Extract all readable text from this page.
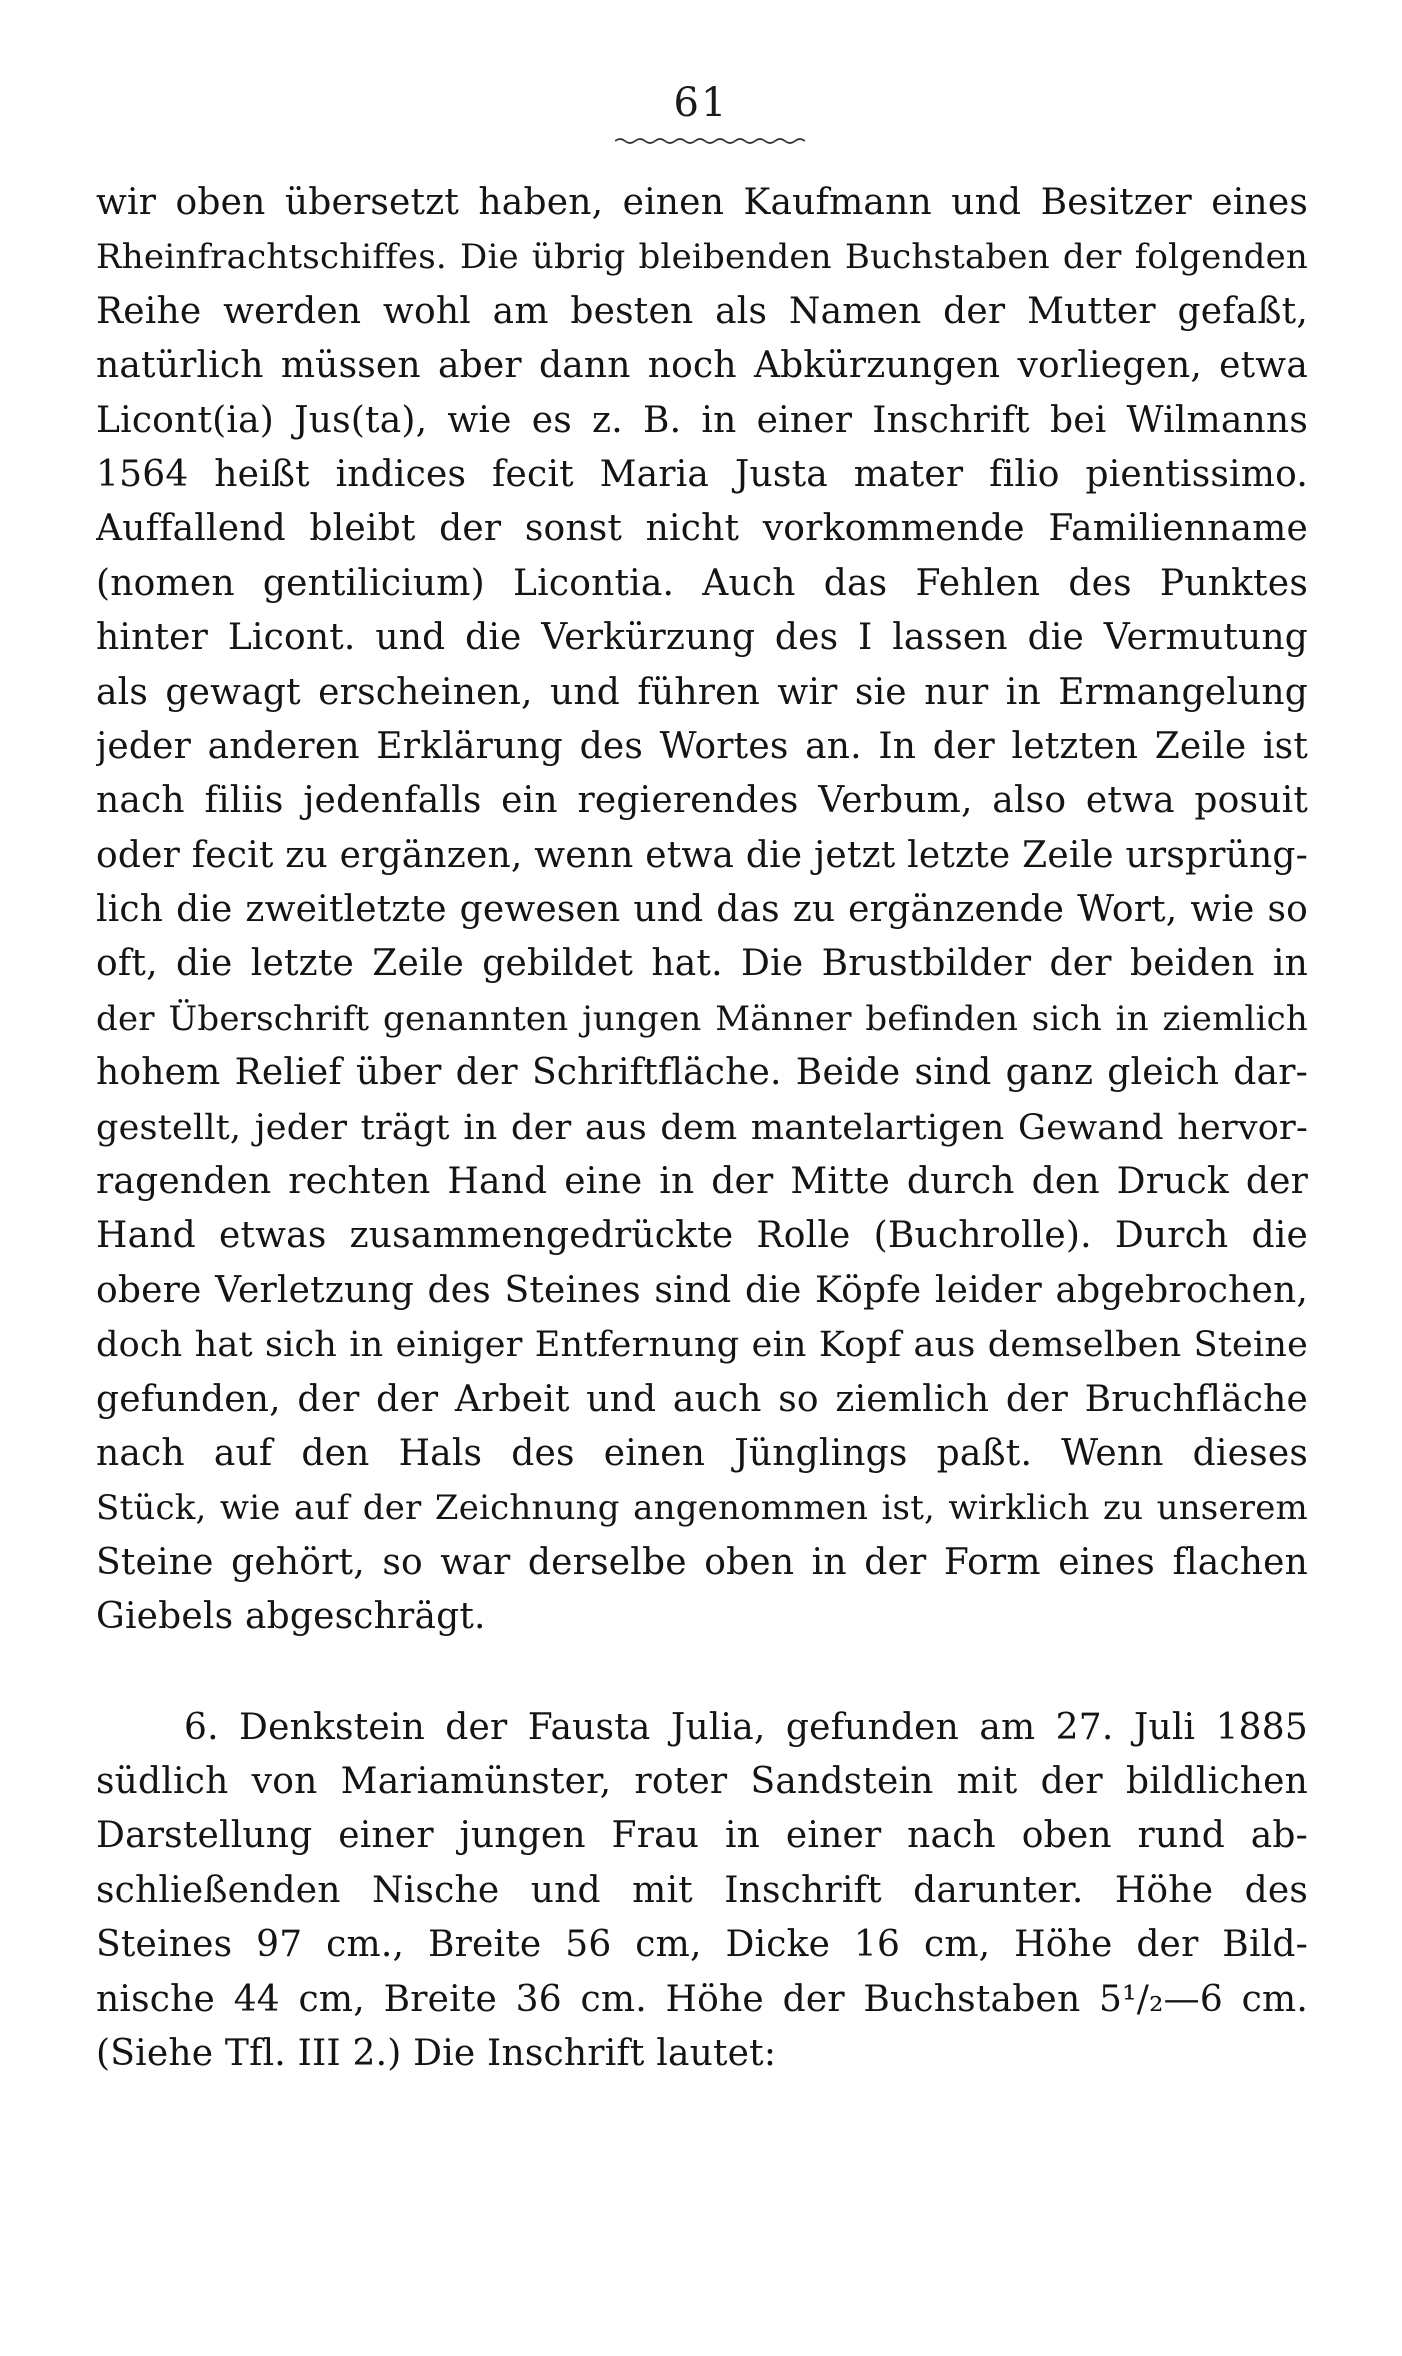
61
wir oben übersetzt haben, einen Kaufmann und Besitzer eines
Rheinfrachtschiffes. Die übrig bleibenden Buchstaben der folgenden
Reihe werden wohl am besten als Namen der Mutter gefaßt,
natürlich müssen aber dann noch Abkürzungen vorliegen, etwa
Licont(ia) Jus(ta), wie es z. B. in einer Inschrift bei Wilmanns
1564 heißt indices fecit Maria Justa mater filio pientissimo.
Auffallend bleibt der sonst nicht vorkommende Familienname
(nomen gentilicium) Licontia. Auch das Fehlen des Punktes
hinter Licont. und die Verkürzung des I lassen die Vermutung
als gewagt erscheinen, und führen wir sie nur in Ermangelung
jeder anderen Erklärung des Wortes an. In der letzten Zeile ist
nach filiis jedenfalls ein regierendes Verbum, also etwa posuit
oder fecit zu ergänzen, wenn etwa die jetzt letzte Zeile ursprüng-
lich die zweitletzte gewesen und das zu ergänzende Wort, wie so
oft, die letzte Zeile gebildet hat. Die Brustbilder der beiden in
der Überschrift genannten jungen Männer befinden sich in ziemlich
hohem Relief über der Schriftfläche. Beide sind ganz gleich dar-
gestellt, jeder trägt in der aus dem mantelartigen Gewand hervor-
ragenden rechten Hand eine in der Mitte durch den Druck der
Hand etwas zusammengedrückte Rolle (Buchrolle). Durch die
obere Verletzung des Steines sind die Köpfe leider abgebrochen,
doch hat sich in einiger Entfernung ein Kopf aus demselben Steine
gefunden, der der Arbeit und auch so ziemlich der Bruchfläche
nach auf den Hals des einen Jünglings paßt. Wenn dieses
Stück, wie auf der Zeichnung angenommen ist, wirklich zu unserem
Steine gehört, so war derselbe oben in der Form eines flachen
Giebels abgeschrägt.
6. Denkstein der Fausta Julia, gefunden am 27. Juli 1885
südlich von Mariamünster, roter Sandstein mit der bildlichen
Darstellung einer jungen Frau in einer nach oben rund ab-
schließenden Nische und mit Inschrift darunter. Höhe des
Steines 97 cm., Breite 56 cm, Dicke 16 cm, Höhe der Bild-
nische 44 cm, Breite 36 cm. Höhe der Buchstaben 5¹/₂—6 cm.
(Siehe Tfl. III 2.) Die Inschrift lautet:
